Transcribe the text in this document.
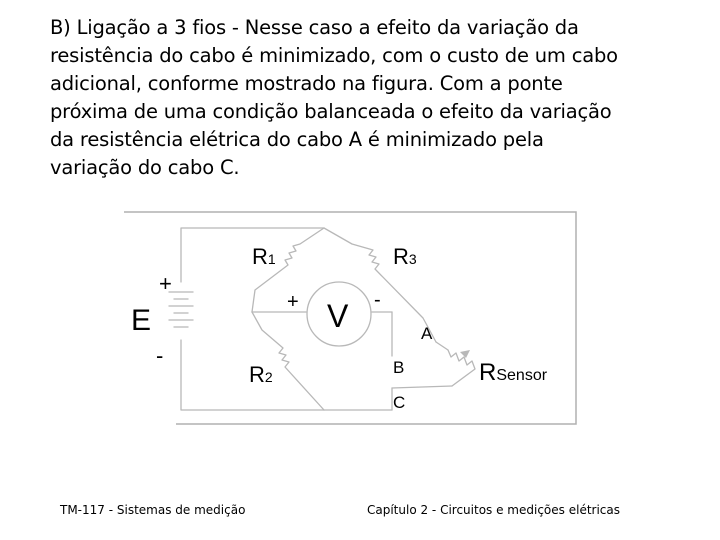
B) Ligação a 3 fios - Nesse caso a efeito da variação da
resistência do cabo é minimizado, com o custo de um cabo
adicional, conforme mostrado na figura. Com a ponte
próxima de uma condição balanceada o efeito da variação
da resistência elétrica do cabo A é minimizado pela
variação do cabo C.
+
E
-
R1
R2
R3
+	-
V	A
B
C
RSensor
TM-117 - Sistemas de medição	Capítulo 2 - Circuitos e medições elétricas
